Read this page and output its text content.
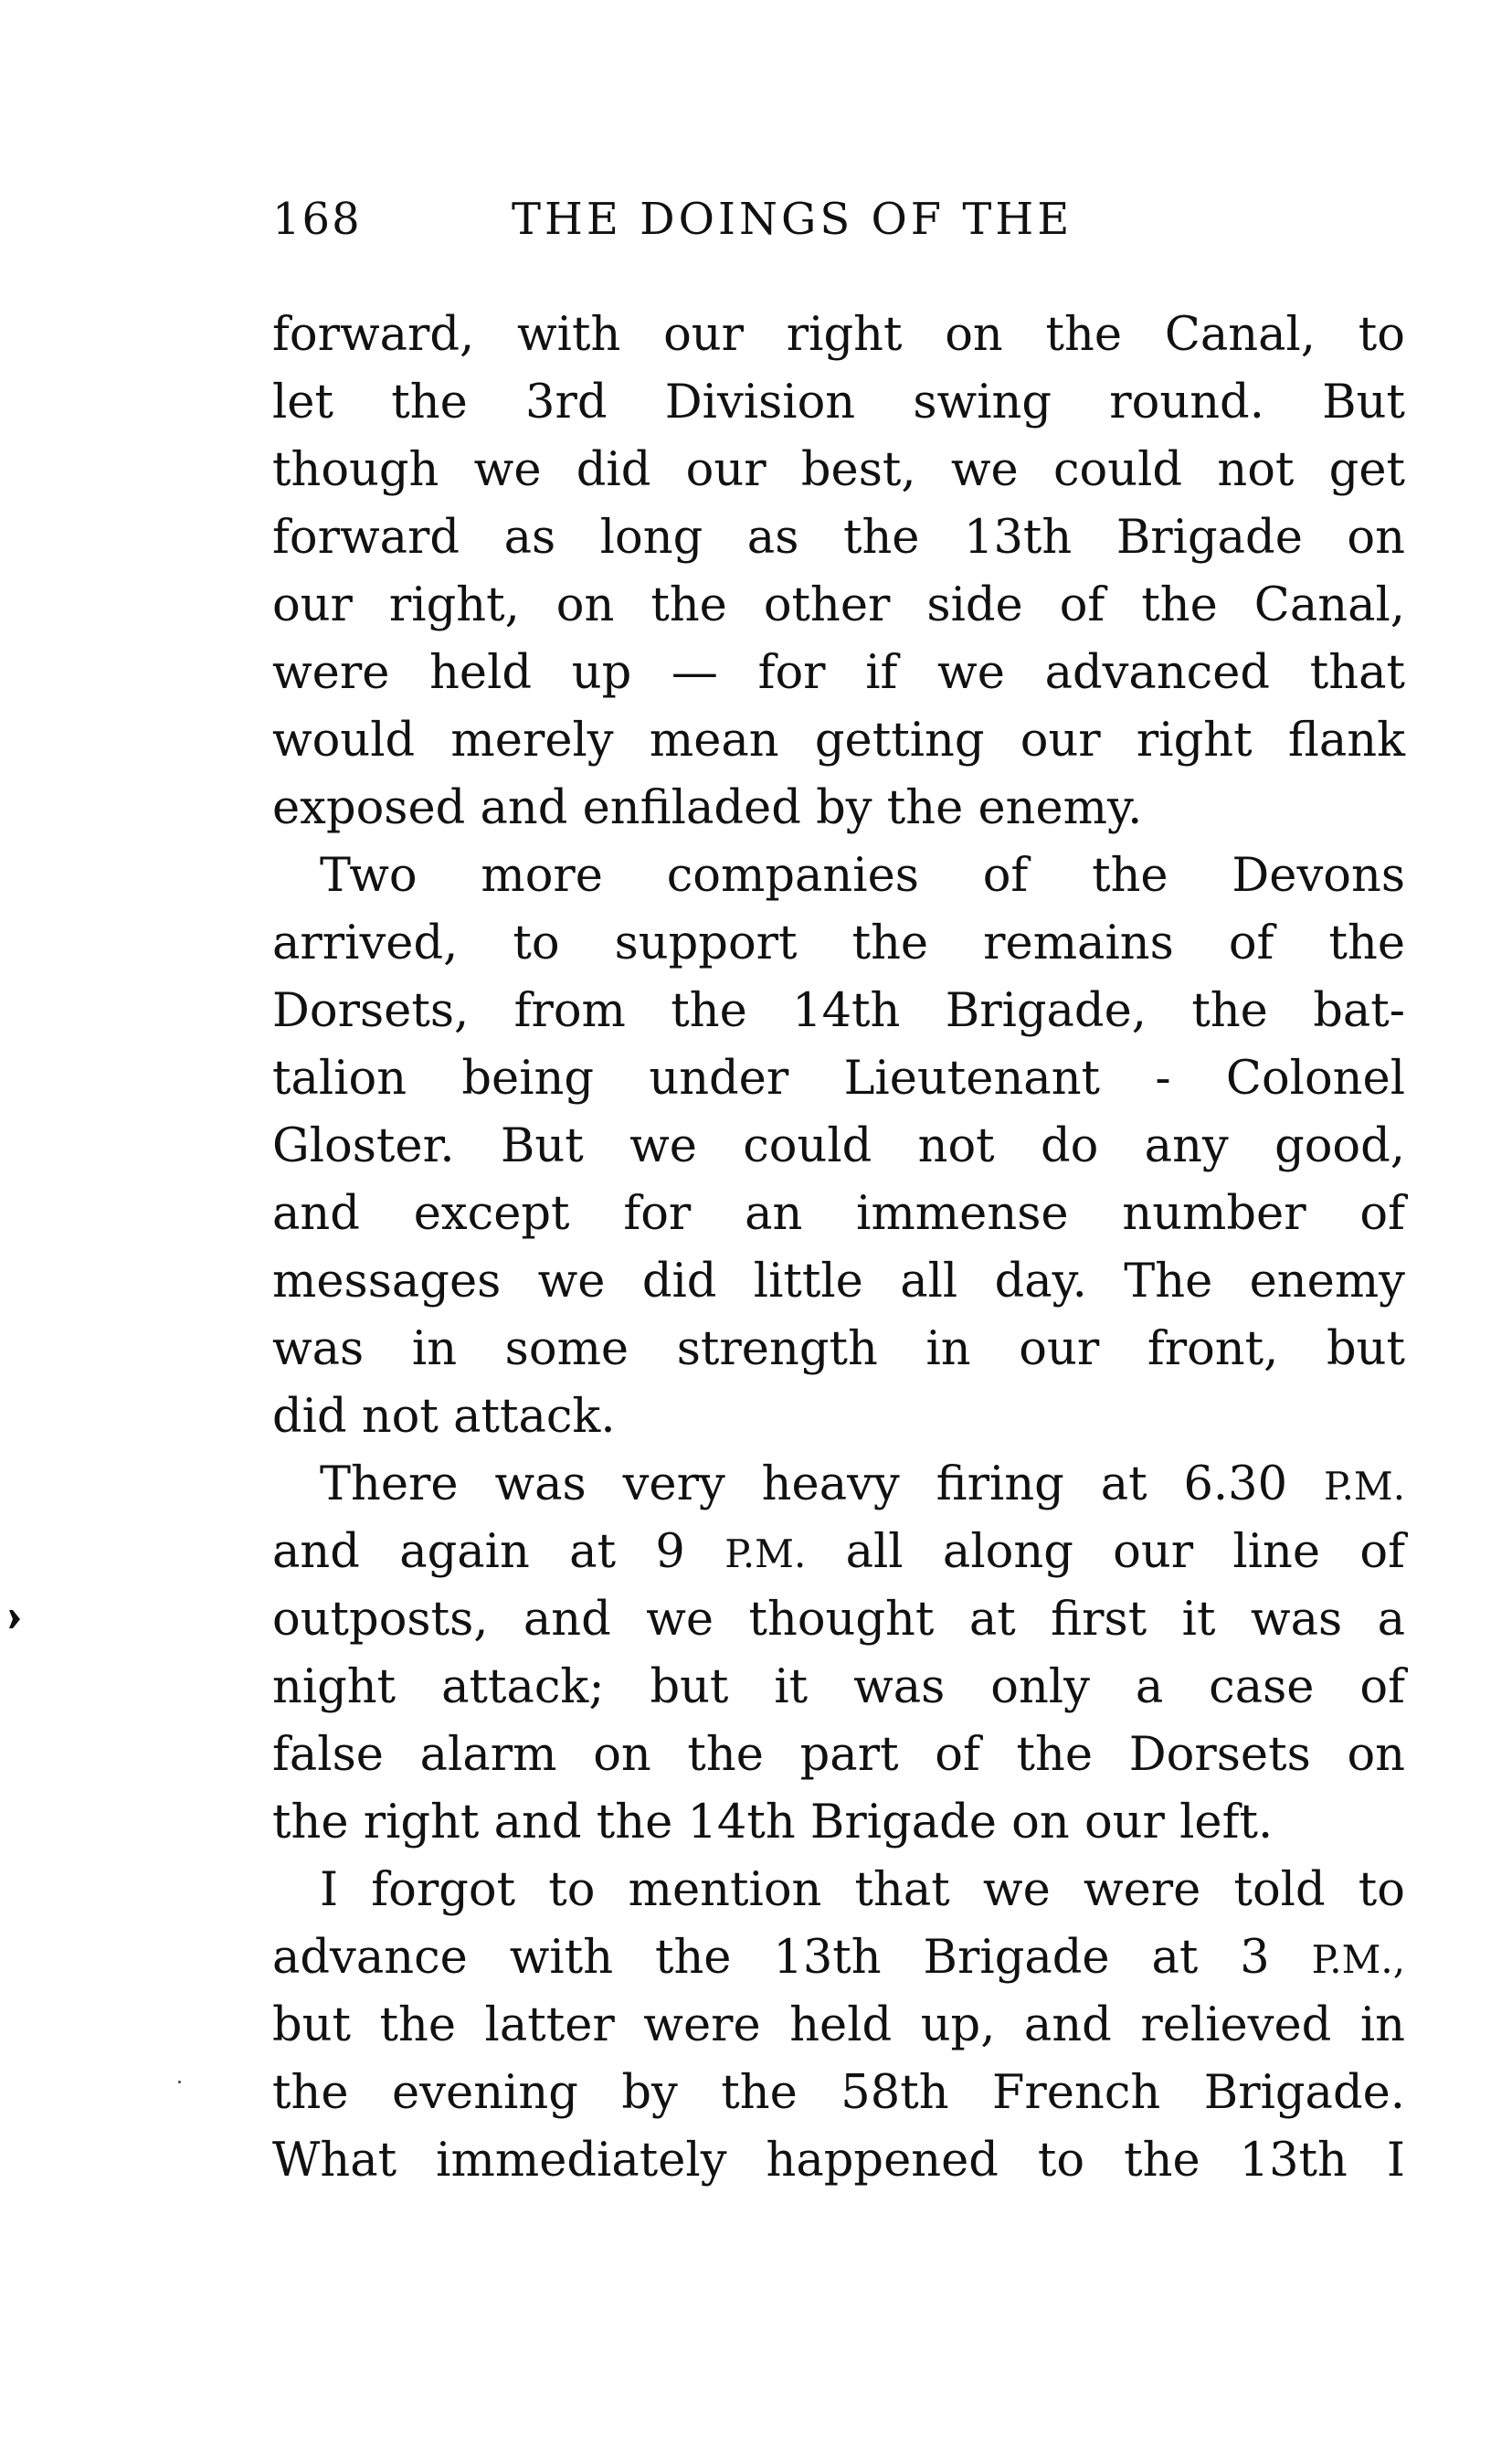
168	THE DOINGS OF THE
forward, with our right on the Canal, to
let the 3rd Division swing round. But
though we did our best, we could not get
forward as long as the 13th Brigade on
our right, on the other side of the Canal,
were held up — for if we advanced that
would merely mean getting our right flank
exposed and enfiladed by the enemy.
Two more companies of the Devons
arrived, to support the remains of the
Dorsets, from the 14th Brigade, the bat-
talion being under Lieutenant - Colonel
Gloster. But we could not do any good,
and except for an immense number of
messages we did little all day. The enemy
was in some strength in our front, but
did not attack.
There was very heavy firing at 6.30 P.M.
and again at 9 P.M. all along our line of
outposts, and we thought at first it was a
night attack; but it was only a case of
false alarm on the part of the Dorsets on
the right and the 14th Brigade on our left.
I forgot to mention that we were told to
advance with the 13th Brigade at 3 P.M.,
but the latter were held up, and relieved in
the evening by the 58th French Brigade.
What immediately happened to the 13th I
